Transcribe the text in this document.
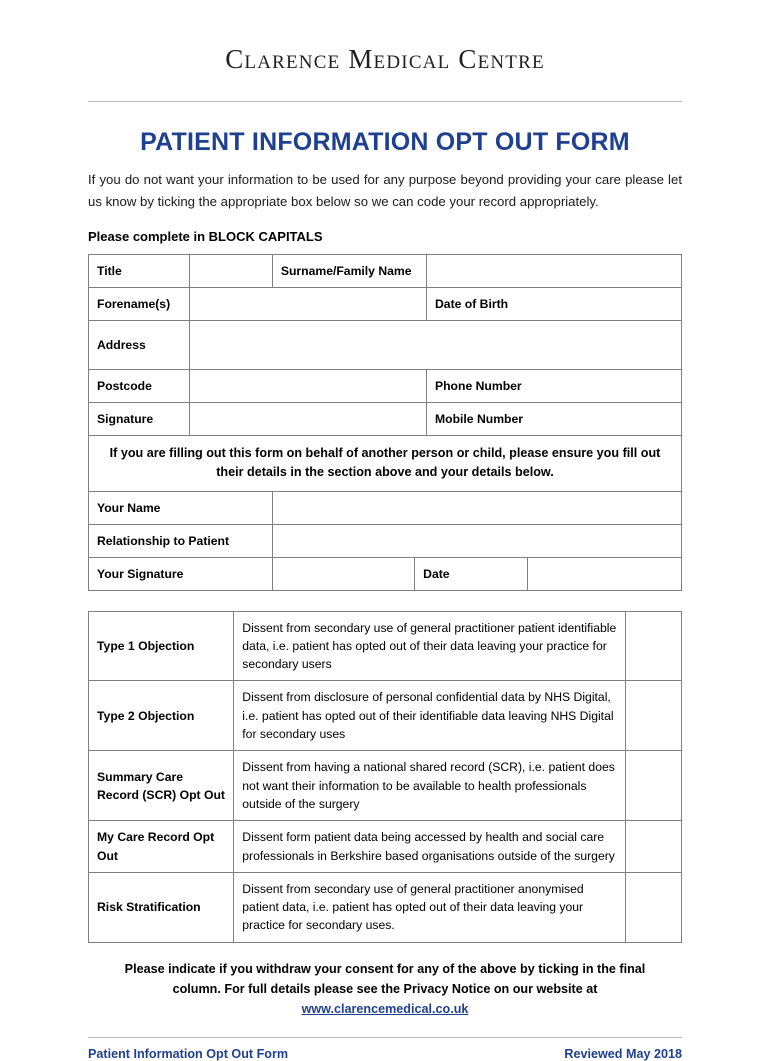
Clarence Medical Centre
PATIENT INFORMATION OPT OUT FORM

If you do not want your information to be used for any purpose beyond providing your care please let us know by ticking the appropriate box below so we can code your record appropriately.

Please complete in BLOCK CAPITALS
Title		Surname/Family Name	
Forename(s)			Date of Birth
Address			
Postcode			Phone Number
Signature			Mobile Number
If you are filling out this form on behalf of another person or child, please ensure you fill out their details in the section above and your details below.
Your Name			
Relationship to Patient			
Your Signature		Date	
Type 1 Objection	Dissent from secondary use of general practitioner patient identifiable data, i.e. patient has opted out of their data leaving your practice for secondary users	
Type 2 Objection	Dissent from disclosure of personal confidential data by NHS Digital, i.e. patient has opted out of their identifiable data leaving NHS Digital for secondary uses	
Summary Care Record (SCR) Opt Out	Dissent from having a national shared record (SCR), i.e. patient does not want their information to be available to health professionals outside of the surgery	
My Care Record Opt Out	Dissent form patient data being accessed by health and social care professionals in Berkshire based organisations outside of the surgery	
Risk Stratification	Dissent from secondary use of general practitioner anonymised patient data, i.e. patient has opted out of their data leaving your practice for secondary uses.	
Please indicate if you withdraw your consent for any of the above by ticking in the final
column. For full details please see the Privacy Notice on our website at
www.clarencemedical.co.uk
Patient Information Opt Out Form	Reviewed May 2018
